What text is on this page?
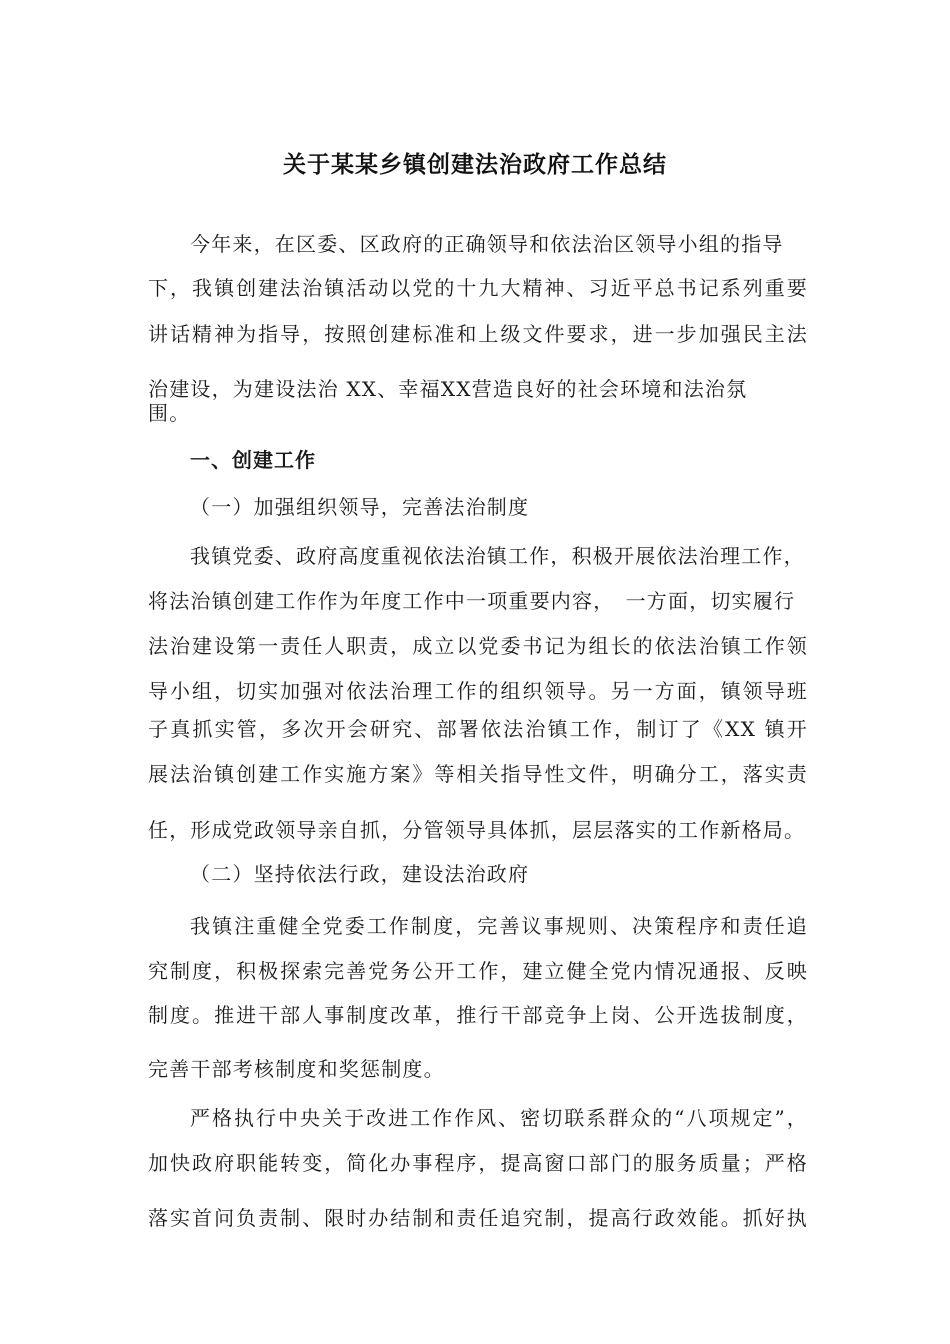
关于某某乡镇创建法治政府工作总结
今年来，在区委、区政府的正确领导和依法治区领导小组的指导
下，我镇创建法治镇活动以党的十九大精神、习近平总书记系列重要
讲话精神为指导，按照创建标准和上级文件要求，进一步加强民主法
治建设，为建设法治 XX、幸福XX营造良好的社会环境和法治氛
围。
一、创建工作
（一）加强组织领导，完善法治制度
我镇党委、政府高度重视依法治镇工作，积极开展依法治理工作，
将法治镇创建工作作为年度工作中一项重要内容，　一方面，切实履行
法治建设第一责任人职责，成立以党委书记为组长的依法治镇工作领
导小组，切实加强对依法治理工作的组织领导。另一方面，镇领导班
子真抓实管，多次开会研究、部署依法治镇工作，制订了《XX 镇开
展法治镇创建工作实施方案》等相关指导性文件，明确分工，落实责
任，形成党政领导亲自抓，分管领导具体抓，层层落实的工作新格局。
（二）坚持依法行政，建设法治政府
我镇注重健全党委工作制度，完善议事规则、决策程序和责任追
究制度，积极探索完善党务公开工作，建立健全党内情况通报、反映
制度。推进干部人事制度改革，推行干部竞争上岗、公开选拔制度，
完善干部考核制度和奖惩制度。
严格执行中央关于改进工作作风、密切联系群众的“八项规定”，
加快政府职能转变，简化办事程序，提高窗口部门的服务质量；严格
落实首问负责制、限时办结制和责任追究制，提高行政效能。抓好执
